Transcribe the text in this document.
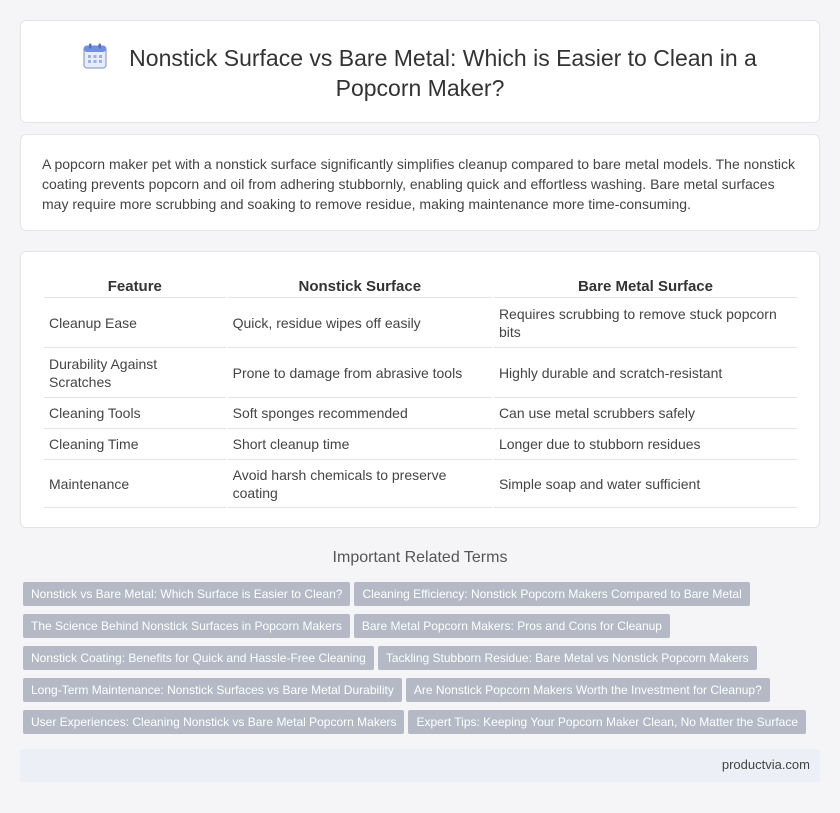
Nonstick Surface vs Bare Metal: Which is Easier to Clean in a Popcorn Maker?

A popcorn maker pet with a nonstick surface significantly simplifies cleanup compared to bare metal models. The nonstick coating prevents popcorn and oil from adhering stubbornly, enabling quick and effortless washing. Bare metal surfaces may require more scrubbing and soaking to remove residue, making maintenance more time-consuming.

Feature	Nonstick Surface	Bare Metal Surface
Cleanup Ease	Quick, residue wipes off easily	Requires scrubbing to remove stuck popcorn bits
Durability Against Scratches	Prone to damage from abrasive tools	Highly durable and scratch-resistant
Cleaning Tools	Soft sponges recommended	Can use metal scrubbers safely
Cleaning Time	Short cleanup time	Longer due to stubborn residues
Maintenance	Avoid harsh chemicals to preserve coating	Simple soap and water sufficient
Important Related Terms
Nonstick vs Bare Metal: Which Surface is Easier to Clean? Cleaning Efficiency: Nonstick Popcorn Makers Compared to Bare Metal
The Science Behind Nonstick Surfaces in Popcorn Makers Bare Metal Popcorn Makers: Pros and Cons for Cleanup
Nonstick Coating: Benefits for Quick and Hassle-Free Cleaning Tackling Stubborn Residue: Bare Metal vs Nonstick Popcorn Makers
Long-Term Maintenance: Nonstick Surfaces vs Bare Metal Durability Are Nonstick Popcorn Makers Worth the Investment for Cleanup?
User Experiences: Cleaning Nonstick vs Bare Metal Popcorn Makers Expert Tips: Keeping Your Popcorn Maker Clean, No Matter the Surface
productvia.com
